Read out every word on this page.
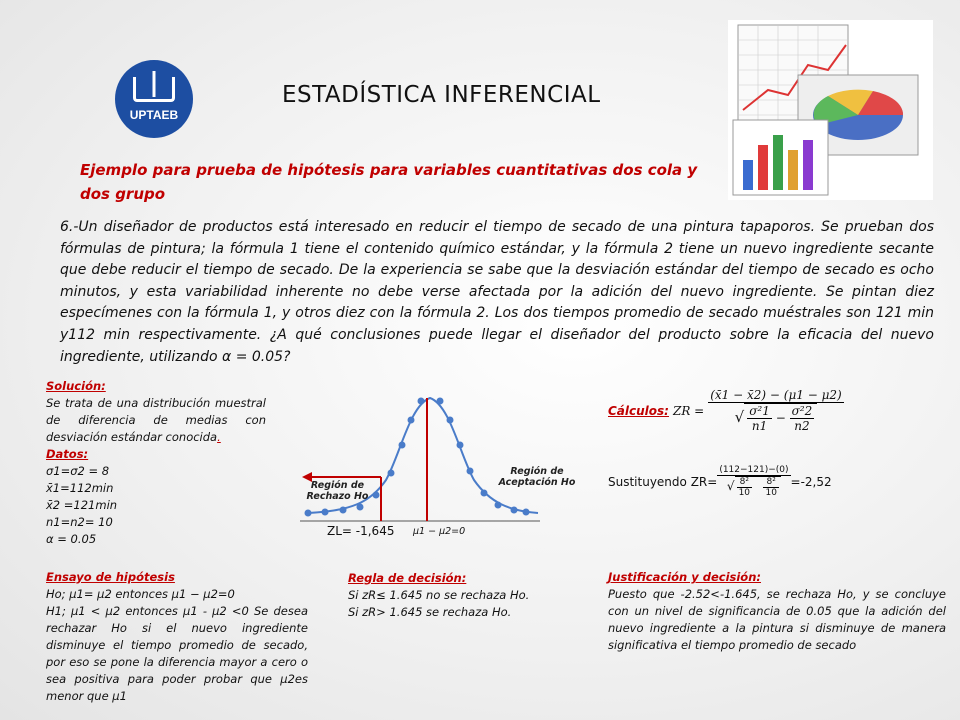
UPTAEB
ESTADÍSTICA INFERENCIAL
Ejemplo para prueba de hipótesis para variables cuantitativas dos cola y dos grupo
6.-Un diseñador de productos está interesado en reducir el tiempo de secado de una pintura tapaporos. Se prueban dos fórmulas de pintura; la fórmula 1 tiene el contenido químico estándar, y la fórmula 2 tiene un nuevo ingrediente secante que debe reducir el tiempo de secado. De la experiencia se sabe que la desviación estándar del tiempo de secado es ocho minutos, y esta variabilidad inherente no debe verse afectada por la adición del nuevo ingrediente. Se pintan diez especímenes con la fórmula 1, y otros diez con la fórmula 2. Los dos tiempos promedio de secado muéstrales son 121 min y112 min respectivamente. ¿A qué conclusiones puede llegar el diseñador del producto sobre la eficacia del nuevo ingrediente, utilizando α = 0.05?
Solución:
Se trata de una distribución muestral de diferencia de medias con desviación estándar conocida.
Datos:
σ1=σ2 = 8
x̄1=112min
x̄2 =121min
n1=n2= 10
α = 0.05
Región de Rechazo Ho
Región de Aceptación Ho
ZL= -1,645 μ1 − μ2=0
Ensayo de hipótesis
Ho; μ1= μ2 entonces μ1 − μ2=0
H1; μ1 < μ2 entonces μ1 - μ2 <0 Se desea rechazar Ho si el nuevo ingrediente disminuye el tiempo promedio de secado, por eso se pone la diferencia mayor a cero o sea positiva para poder probar que μ2es menor que μ1
Regla de decisión:
Si zR≤ 1.645 no se rechaza Ho.
Si zR> 1.645 se rechaza Ho.
Cálculos: ZR = $\frac{(x̄1 - x̄2) - (\mu 1 - \mu 2)}{√ \frac{\text{σ²1}}{n1} - \frac{\text{σ²2}}{n2}}$
Sustituyendo ZR= (112−121)−(0)
√ $\frac{\text{8²}}{10}$
$\frac{\text{8²}}{10} =-2,52$
Justificación y decisión:
Puesto que -2.52<-1.645, se rechaza Ho, y se concluye con un nivel de significancia de 0.05 que la adición del nuevo ingrediente a la pintura si disminuye de manera significativa el tiempo promedio de secado
